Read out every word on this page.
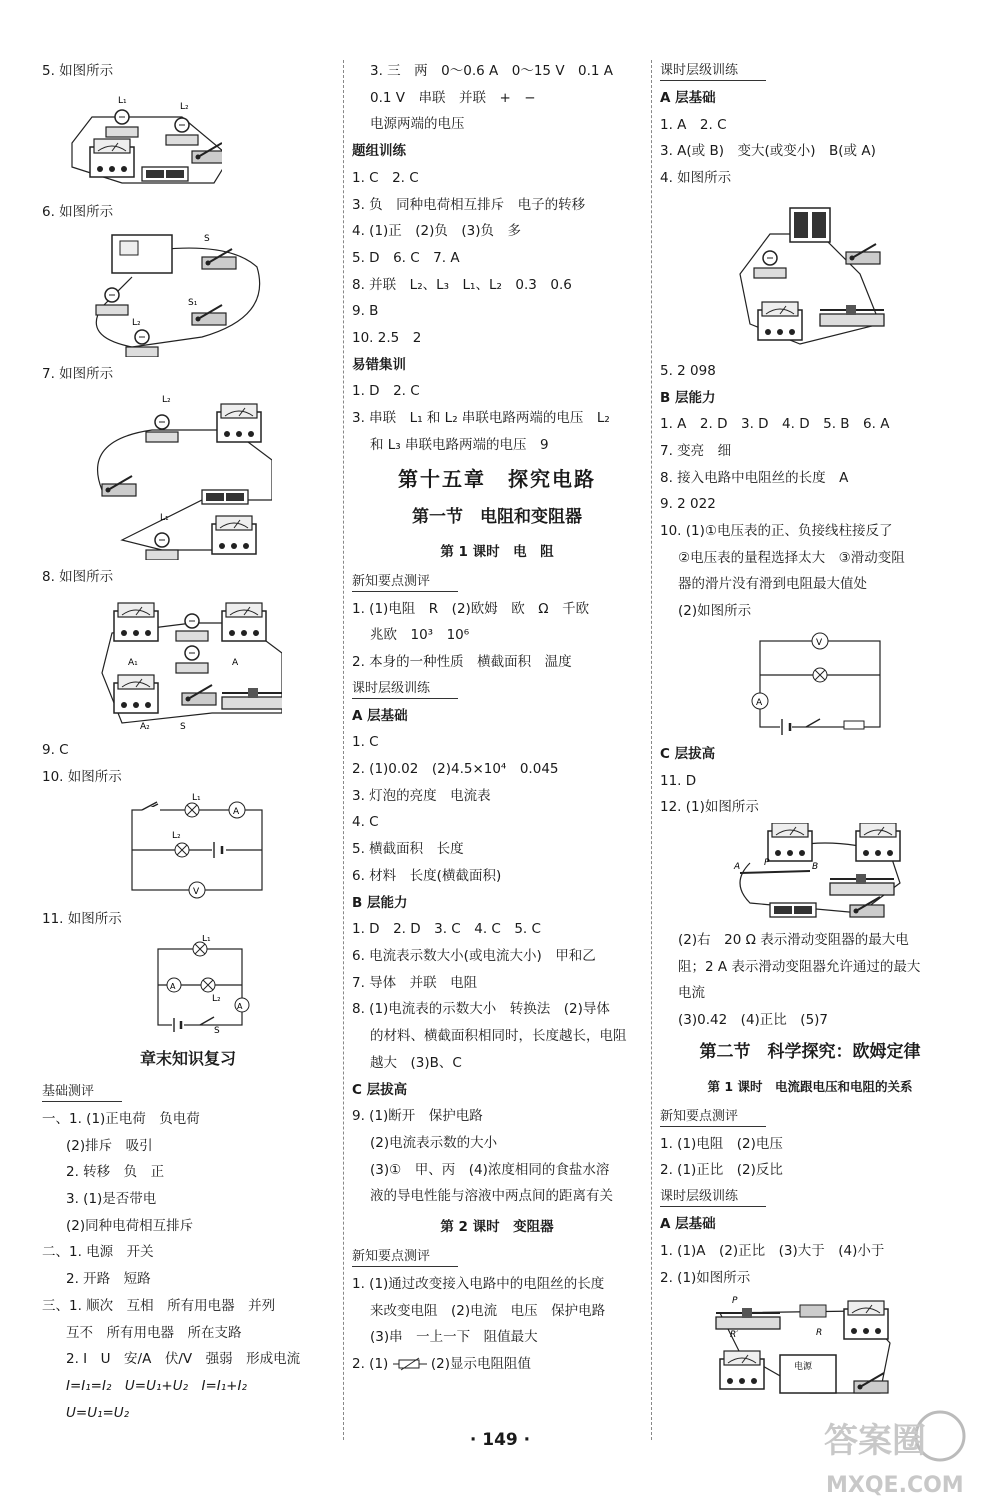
5. 如图所示
L₁
L₂
6. 如图所示
S
S₁
L₂
7. 如图所示
L₂
L₁
8. 如图所示
A₁	A
A₂	S
9. C
10. 如图所示
A
V
L₁
L₂
11. 如图所示
A
A
L₁
L₂
S
章末知识复习
基础测评
一、1. (1)正电荷　负电荷
(2)排斥　吸引
2. 转移　负　正
3. (1)是否带电
(2)同种电荷相互排斥
二、1. 电源　开关
2. 开路　短路
三、1. 顺次　互相　所有用电器　并列
互不　所有用电器　所在支路
2. I　U　安/A　伏/V　强弱　形成电流
I=I₁=I₂　U=U₁+U₂　I=I₁+I₂
U=U₁=U₂
3. 三　两　0～0.6 A　0～15 V　0.1 A
0.1 V　串联　并联　+　−
电源两端的电压
题组训练
1. C　2. C
3. 负　同种电荷相互排斥　电子的转移
4. (1)正　(2)负　(3)负　多
5. D　6. C　7. A
8. 并联　L₂、L₃　L₁、L₂　0.3　0.6
9. B
10. 2.5　2
易错集训
1. D　2. C
3. 串联　L₁ 和 L₂ 串联电路两端的电压　L₂
和 L₃ 串联电路两端的电压　9
第十五章　探究电路
第一节　电阻和变阻器
第 1 课时　电　阻
新知要点测评
1. (1)电阻　R　(2)欧姆　欧　Ω　千欧
兆欧　10³　10⁶
2. 本身的一种性质　横截面积　温度
课时层级训练
A 层基础
1. C
2. (1)0.02　(2)4.5×10⁴　0.045
3. 灯泡的亮度　电流表
4. C
5. 横截面积　长度
6. 材料　长度(横截面积)
B 层能力
1. D　2. D　3. C　4. C　5. C
6. 电流表示数大小(或电流大小)　甲和乙
7. 导体　并联　电阻
8. (1)电流表的示数大小　转换法　(2)导体
的材料、横截面积相同时，长度越长，电阻
越大　(3)B、C
C 层拔高
9. (1)断开　保护电路
(2)电流表示数的大小
(3)①　甲、丙　(4)浓度相同的食盐水溶
液的导电性能与溶液中两点间的距离有关
第 2 课时　变阻器
新知要点测评
1. (1)通过改变接入电路中的电阻丝的长度
来改变电阻　(2)电流　电压　保护电路
(3)串　一上一下　阻值最大
2. (1)	(2)显示电阻阻值
课时层级训练
A 层基础
1. A　2. C
3. A(或 B)　变大(或变小)　B(或 A)
4. 如图所示
5. 2 098
B 层能力
1. A　2. D　3. D　4. D　5. B　6. A
7. 变亮　细
8. 接入电路中电阻丝的长度　A
9. 2 022
10. (1)①电压表的正、负接线柱接反了
②电压表的量程选择太大　③滑动变阻
器的滑片没有滑到电阻最大值处
(2)如图所示
V
A
C 层拔高
11. D
12. (1)如图所示
A	P	B
(2)右　20 Ω 表示滑动变阻器的最大电
阻；2 A 表示滑动变阻器允许通过的最大
电流
(3)0.42　(4)正比　(5)7
第二节　科学探究：欧姆定律
第 1 课时　电流跟电压和电阻的关系
新知要点测评
1. (1)电阻　(2)电压
2. (1)正比　(2)反比
课时层级训练
A 层基础
1. (1)A　(2)正比　(3)大于　(4)小于
2. (1)如图所示
电源
P
R′	R
· 149 ·	答案圈
MXQE.COM
